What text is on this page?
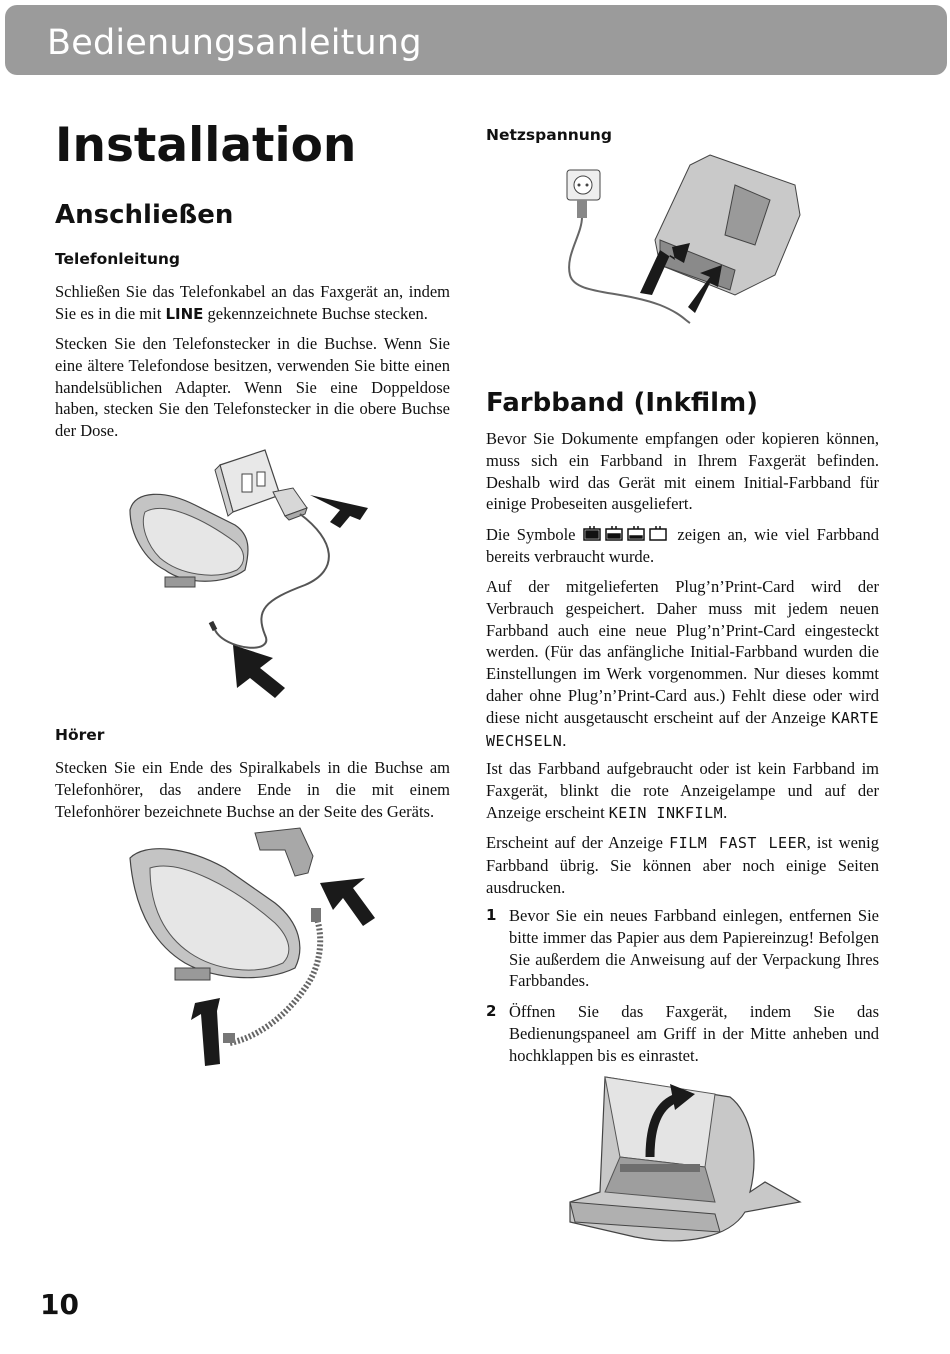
Bedienungsanleitung
Installation
Anschließen
Telefonleitung
Schließen Sie das Telefonkabel an das Faxgerät an, indem Sie es in die mit LINE gekennzeichnete Buchse stecken.
Stecken Sie den Telefonstecker in die Buchse. Wenn Sie eine ältere Telefondose besitzen, verwenden Sie bitte einen handelsüblichen Adapter. Wenn Sie eine Doppeldose haben, stecken Sie den Telefonstecker in die obere Buchse der Dose.
Hörer
Stecken Sie ein Ende des Spiralkabels in die Buchse am Telefonhörer, das andere Ende in die mit einem Telefonhörer bezeichnete Buchse an der Seite des Geräts.
Netzspannung
Farbband (Inkfilm)
Bevor Sie Dokumente empfangen oder kopieren können, muss sich ein Farbband in Ihrem Faxgerät befinden. Deshalb wird das Gerät mit einem Initial-Farbband für einige Probeseiten ausgeliefert.
Die Symbole	zeigen an, wie viel Farbband bereits verbraucht wurde.
Auf der mitgelieferten Plug’n’Print-Card wird der Verbrauch gespeichert. Daher muss mit jedem neuen Farbband auch eine neue Plug’n’Print-Card eingesteckt werden. (Für das anfängliche Initial-Farbband wurden die Einstellungen im Werk vorgenommen. Nur dieses kommt daher ohne Plug’n’Print-Card aus.) Fehlt diese oder wird diese nicht ausgetauscht erscheint auf der Anzeige KARTE WECHSELN.
Ist das Farbband aufgebraucht oder ist kein Farbband im Faxgerät, blinkt die rote Anzeigelampe und auf der Anzeige erscheint KEIN INKFILM.
Erscheint auf der Anzeige FILM FAST LEER, ist wenig Farbband übrig. Sie können aber noch einige Seiten ausdrucken.
1 Bevor Sie ein neues Farbband einlegen, entfernen Sie bitte immer das Papier aus dem Papiereinzug! Befolgen Sie außerdem die Anweisung auf der Verpackung Ihres Farbbandes.
2 Öffnen Sie das Faxgerät, indem Sie das Bedienungspaneel am Griff in der Mitte anheben und hochklappen bis es einrastet.
10
